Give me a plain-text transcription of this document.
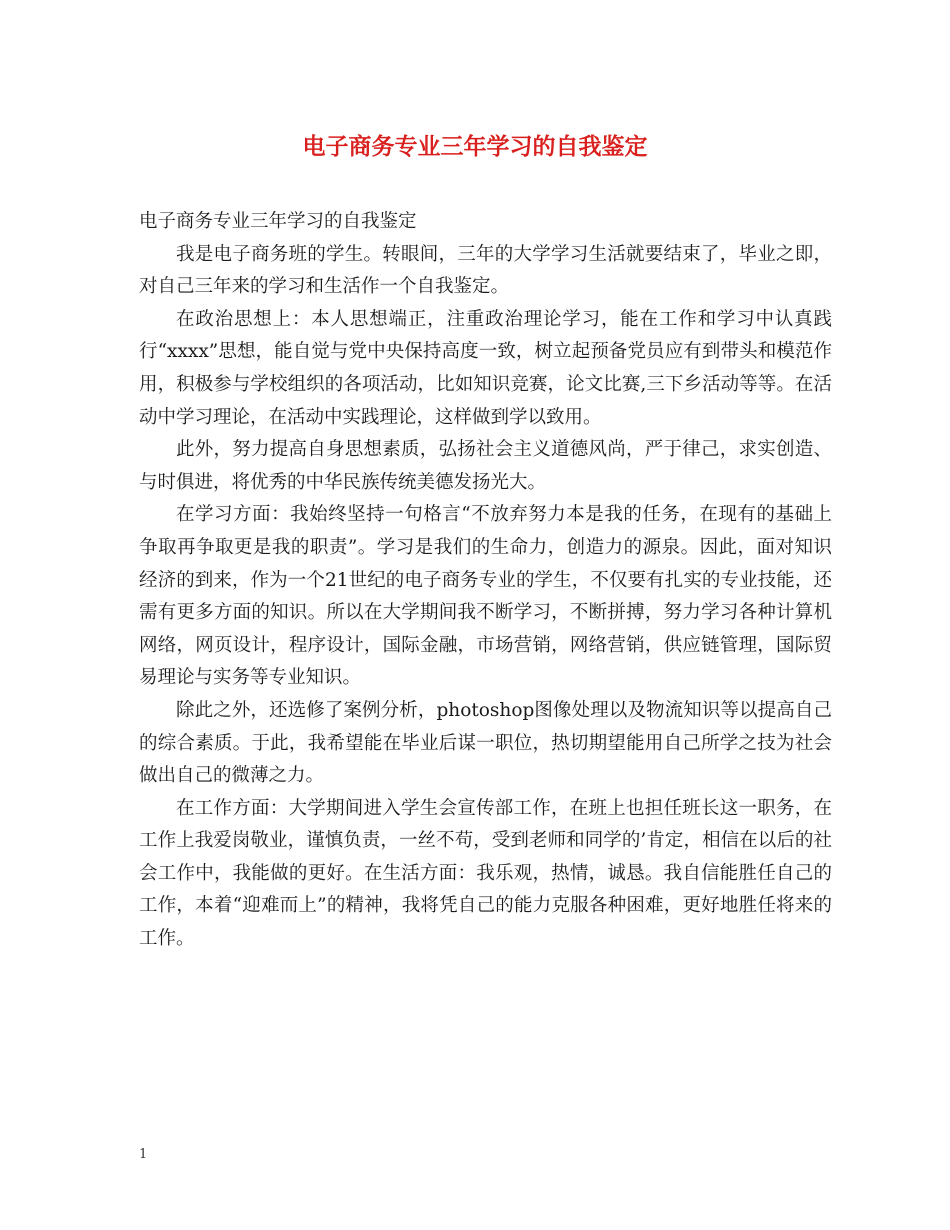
电子商务专业三年学习的自我鉴定

电子商务专业三年学习的自我鉴定

我是电子商务班的学生。转眼间，三年的大学学习生活就要结束了，毕业之即，对自己三年来的学习和生活作一个自我鉴定。

在政治思想上：本人思想端正，注重政治理论学习，能在工作和学习中认真践行“xxxx”思想，能自觉与党中央保持高度一致，树立起预备党员应有到带头和模范作用，积极参与学校组织的各项活动，比如知识竞赛，论文比赛,三下乡活动等等。在活动中学习理论，在活动中实践理论，这样做到学以致用。

此外，努力提高自身思想素质，弘扬社会主义道德风尚，严于律己，求实创造、与时俱进，将优秀的中华民族传统美德发扬光大。

在学习方面：我始终坚持一句格言“不放弃努力本是我的任务，在现有的基础上争取再争取更是我的职责”。学习是我们的生命力，创造力的源泉。因此，面对知识经济的到来，作为一个21世纪的电子商务专业的学生，不仅要有扎实的专业技能，还需有更多方面的知识。所以在大学期间我不断学习，不断拼搏，努力学习各种计算机网络，网页设计，程序设计，国际金融，市场营销，网络营销，供应链管理，国际贸易理论与实务等专业知识。

除此之外，还选修了案例分析，photoshop图像处理以及物流知识等以提高自己的综合素质。于此，我希望能在毕业后谋一职位，热切期望能用自己所学之技为社会做出自己的微薄之力。

在工作方面：大学期间进入学生会宣传部工作，在班上也担任班长这一职务，在工作上我爱岗敬业，谨慎负责，一丝不苟，受到老师和同学的’肯定，相信在以后的社会工作中，我能做的更好。在生活方面：我乐观，热情，诚恳。我自信能胜任自己的工作，本着“迎难而上”的精神，我将凭自己的能力克服各种困难，更好地胜任将来的工作。

1
